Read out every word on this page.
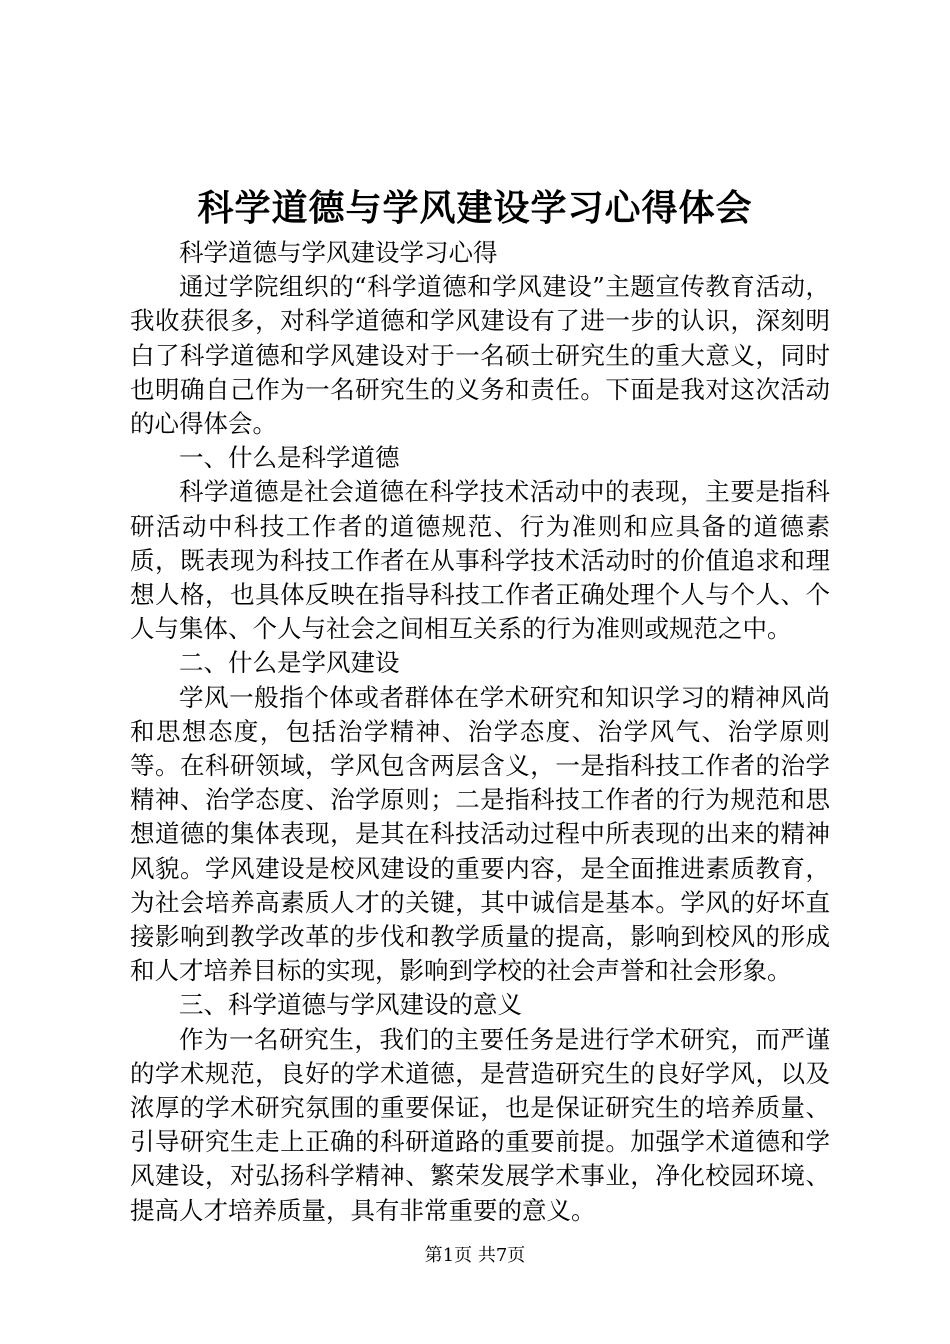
科学道德与学风建设学习心得体会

科学道德与学风建设学习心得

通过学院组织的“科学道德和学风建设”主题宣传教育活动，我收获很多，对科学道德和学风建设有了进一步的认识，深刻明白了科学道德和学风建设对于一名硕士研究生的重大意义，同时也明确自己作为一名研究生的义务和责任。下面是我对这次活动的心得体会。

一、什么是科学道德

科学道德是社会道德在科学技术活动中的表现，主要是指科研活动中科技工作者的道德规范、行为准则和应具备的道德素质，既表现为科技工作者在从事科学技术活动时的价值追求和理想人格，也具体反映在指导科技工作者正确处理个人与个人、个人与集体、个人与社会之间相互关系的行为准则或规范之中。

二、什么是学风建设

学风一般指个体或者群体在学术研究和知识学习的精神风尚和思想态度，包括治学精神、治学态度、治学风气、治学原则等。在科研领域，学风包含两层含义，一是指科技工作者的治学精神、治学态度、治学原则；二是指科技工作者的行为规范和思想道德的集体表现，是其在科技活动过程中所表现的出来的精神风貌。学风建设是校风建设的重要内容，是全面推进素质教育，为社会培养高素质人才的关键，其中诚信是基本。学风的好坏直接影响到教学改革的步伐和教学质量的提高，影响到校风的形成和人才培养目标的实现，影响到学校的社会声誉和社会形象。

三、科学道德与学风建设的意义

作为一名研究生，我们的主要任务是进行学术研究，而严谨的学术规范，良好的学术道德，是营造研究生的良好学风，以及浓厚的学术研究氛围的重要保证，也是保证研究生的培养质量、引导研究生走上正确的科研道路的重要前提。加强学术道德和学风建设，对弘扬科学精神、繁荣发展学术事业，净化校园环境、提高人才培养质量，具有非常重要的意义。

第1页 共7页
